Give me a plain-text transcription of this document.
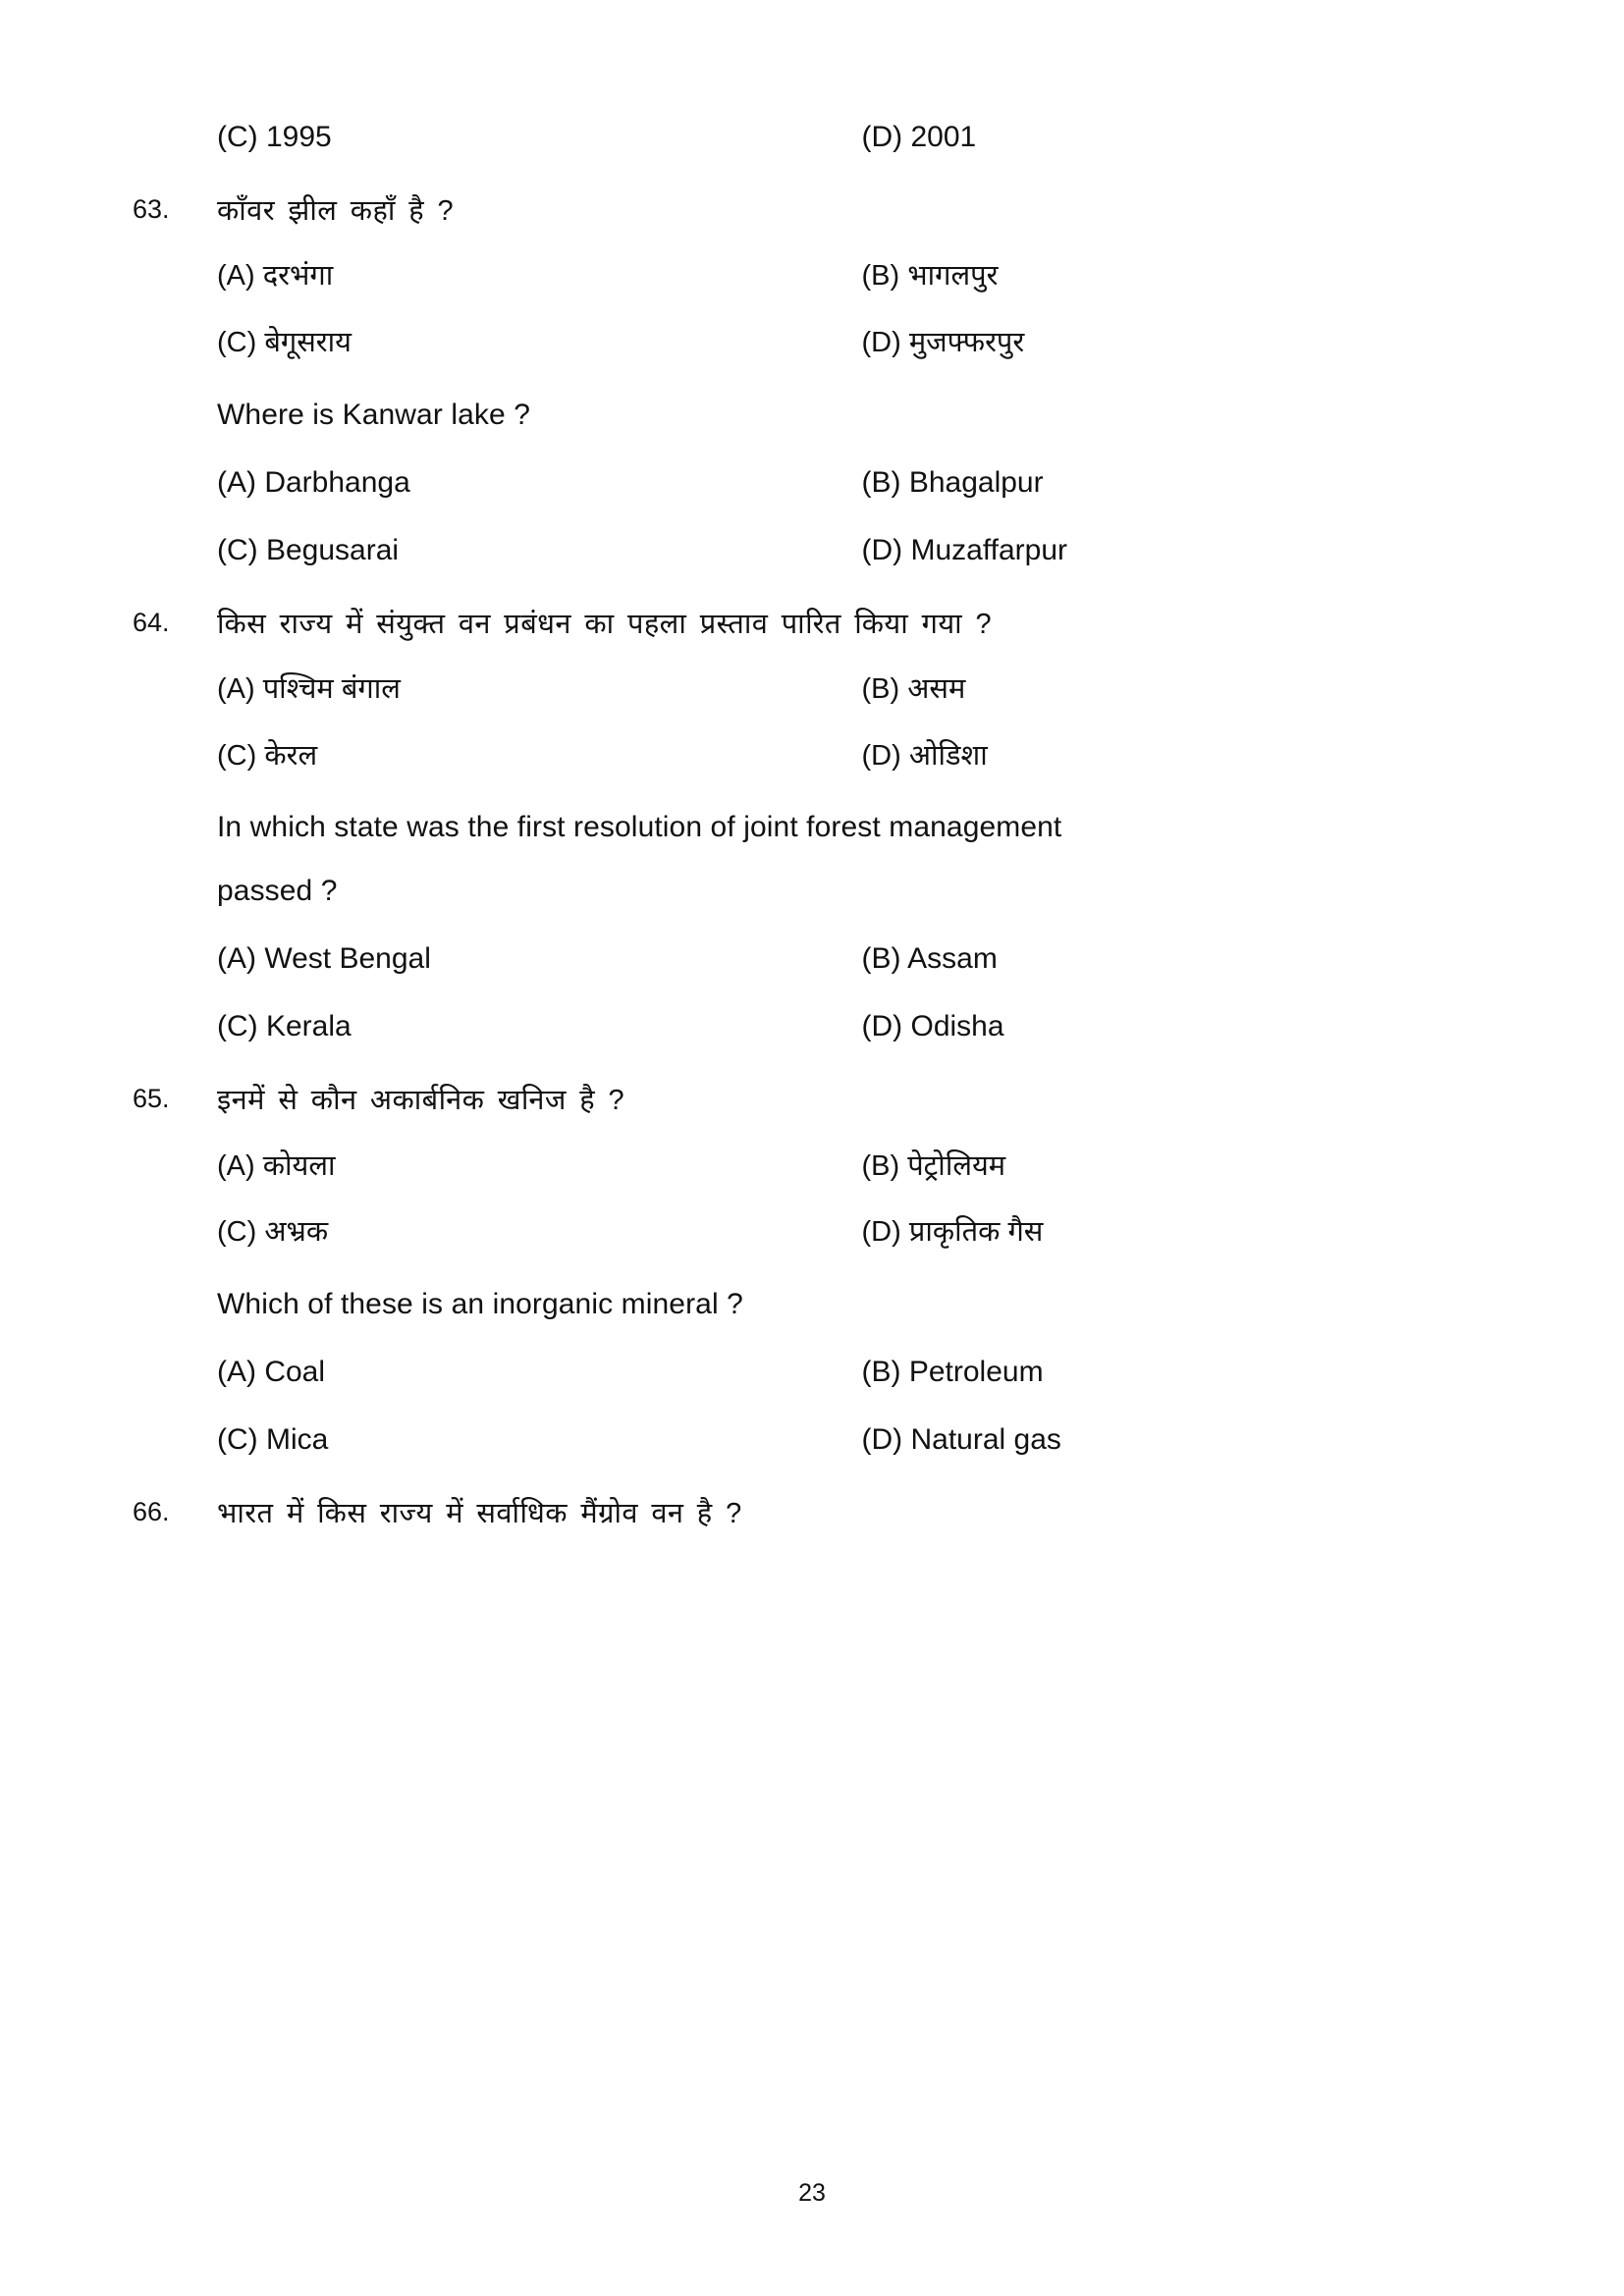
(C) 1995	(D) 2001
63.	काँवर झील कहाँ है ?
(A) दरभंगा	(B) भागलपुर
(C) बेगूसराय	(D) मुजफ्फरपुर
Where is Kanwar lake ?
(A) Darbhanga	(B) Bhagalpur
(C) Begusarai	(D) Muzaffarpur
64.	किस राज्य में संयुक्त वन प्रबंधन का पहला प्रस्ताव पारित किया गया ?
(A) पश्चिम बंगाल	(B) असम
(C) केरल	(D) ओडिशा
In which state was the first resolution of joint forest management
passed ?
(A) West Bengal	(B) Assam
(C) Kerala	(D) Odisha
65.	इनमें से कौन अकार्बनिक खनिज है ?
(A) कोयला	(B) पेट्रोलियम
(C) अभ्रक	(D) प्राकृतिक गैस
Which of these is an inorganic mineral ?
(A) Coal	(B) Petroleum
(C) Mica	(D) Natural gas
66.	भारत में किस राज्य में सर्वाधिक मैंग्रोव वन है ?
23
